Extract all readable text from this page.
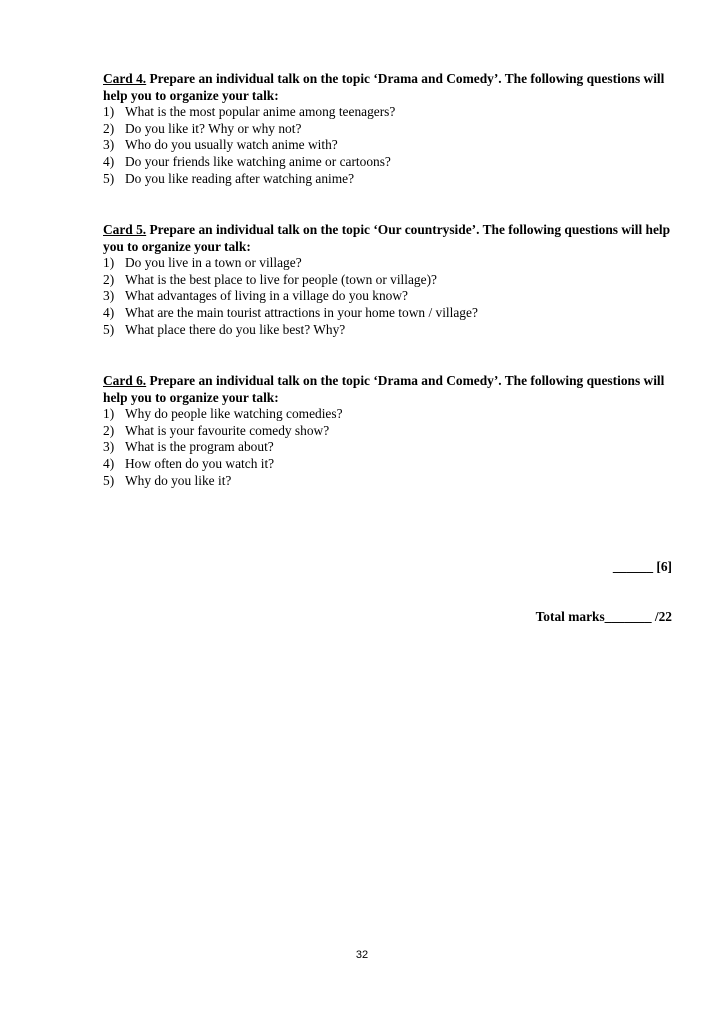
Card 4. Prepare an individual talk on the topic ‘Drama and Comedy’. The following questions will help you to organize your talk:

1) What is the most popular anime among teenagers?
2) Do you like it? Why or why not?
3) Who do you usually watch anime with?
4) Do your friends like watching anime or cartoons?
5) Do you like reading after watching anime?

Card 5. Prepare an individual talk on the topic ‘Our countryside’. The following questions will help you to organize your talk:

1) Do you live in a town or village?
2) What is the best place to live for people (town or village)?
3) What advantages of living in a village do you know?
4) What are the main tourist attractions in your home town / village?
5) What place there do you like best? Why?

Card 6. Prepare an individual talk on the topic ‘Drama and Comedy’. The following questions will help you to organize your talk:

1) Why do people like watching comedies?
2) What is your favourite comedy show?
3) What is the program about?
4) How often do you watch it?
5) Why do you like it?
______ [6]
Total marks_______ /22
32
